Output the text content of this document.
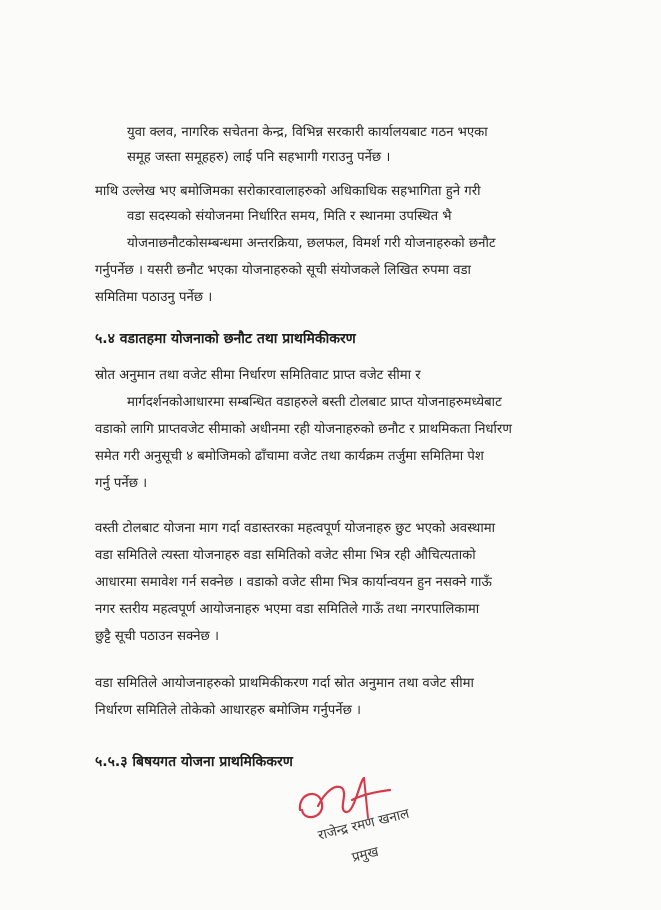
युवा क्लव, नागरिक सचेतना केन्द्र, विभिन्न सरकारी कार्यालयबाट गठन भएका
समूह जस्ता समूहहरु) लाई पनि सहभागी गराउनु पर्नेछ ।
माथि उल्लेख भए बमोजिमका सरोकारवालाहरुको अधिकाधिक सहभागिता हुने गरी
वडा सदस्यको संयोजनमा निर्धारित समय, मिति र स्थानमा उपस्थित भै
योजनाछनौटकोसम्बन्धमा अन्तरक्रिया, छलफल, विमर्श गरी योजनाहरुको छनौट
गर्नुपर्नेछ । यसरी छनौट भएका योजनाहरुको सूची संयोजकले लिखित रुपमा वडा
समितिमा पठाउनु पर्नेछ ।
५.४ वडातहमा योजनाको छनौट तथा प्राथमिकीकरण
स्रोत अनुमान तथा वजेट सीमा निर्धारण समितिवाट प्राप्त वजेट सीमा र
मार्गदर्शनकोआधारमा सम्बन्धित वडाहरुले बस्ती टोलबाट प्राप्त योजनाहरुमध्येबाट
वडाको लागि प्राप्तवजेट सीमाको अधीनमा रही योजनाहरुको छनौट र प्राथमिकता निर्धारण
समेत गरी अनुसूची ४ बमोजिमको ढाँचामा वजेट तथा कार्यक्रम तर्जुमा समितिमा पेश
गर्नु पर्नेछ ।
वस्ती टोलबाट योजना माग गर्दा वडास्तरका महत्वपूर्ण योजनाहरु छुट भएको अवस्थामा
वडा समितिले त्यस्ता योजनाहरु वडा समितिको वजेट सीमा भित्र रही औचित्यताको
आधारमा समावेश गर्न सक्नेछ । वडाको वजेट सीमा भित्र कार्यान्वयन हुन नसक्ने गाऊँ
नगर स्तरीय महत्वपूर्ण आयोजनाहरु भएमा वडा समितिले गाऊँ तथा नगरपालिकामा
छुट्टै सूची पठाउन सक्नेछ ।
वडा समितिले आयोजनाहरुको प्राथमिकीकरण गर्दा स्रोत अनुमान तथा वजेट सीमा
निर्धारण समितिले तोकेको आधारहरु बमोजिम गर्नुपर्नेछ ।
५.५.३ बिषयगत योजना प्राथमिकिकरण
राजेन्द्र रमण खनाल
प्रमुख
